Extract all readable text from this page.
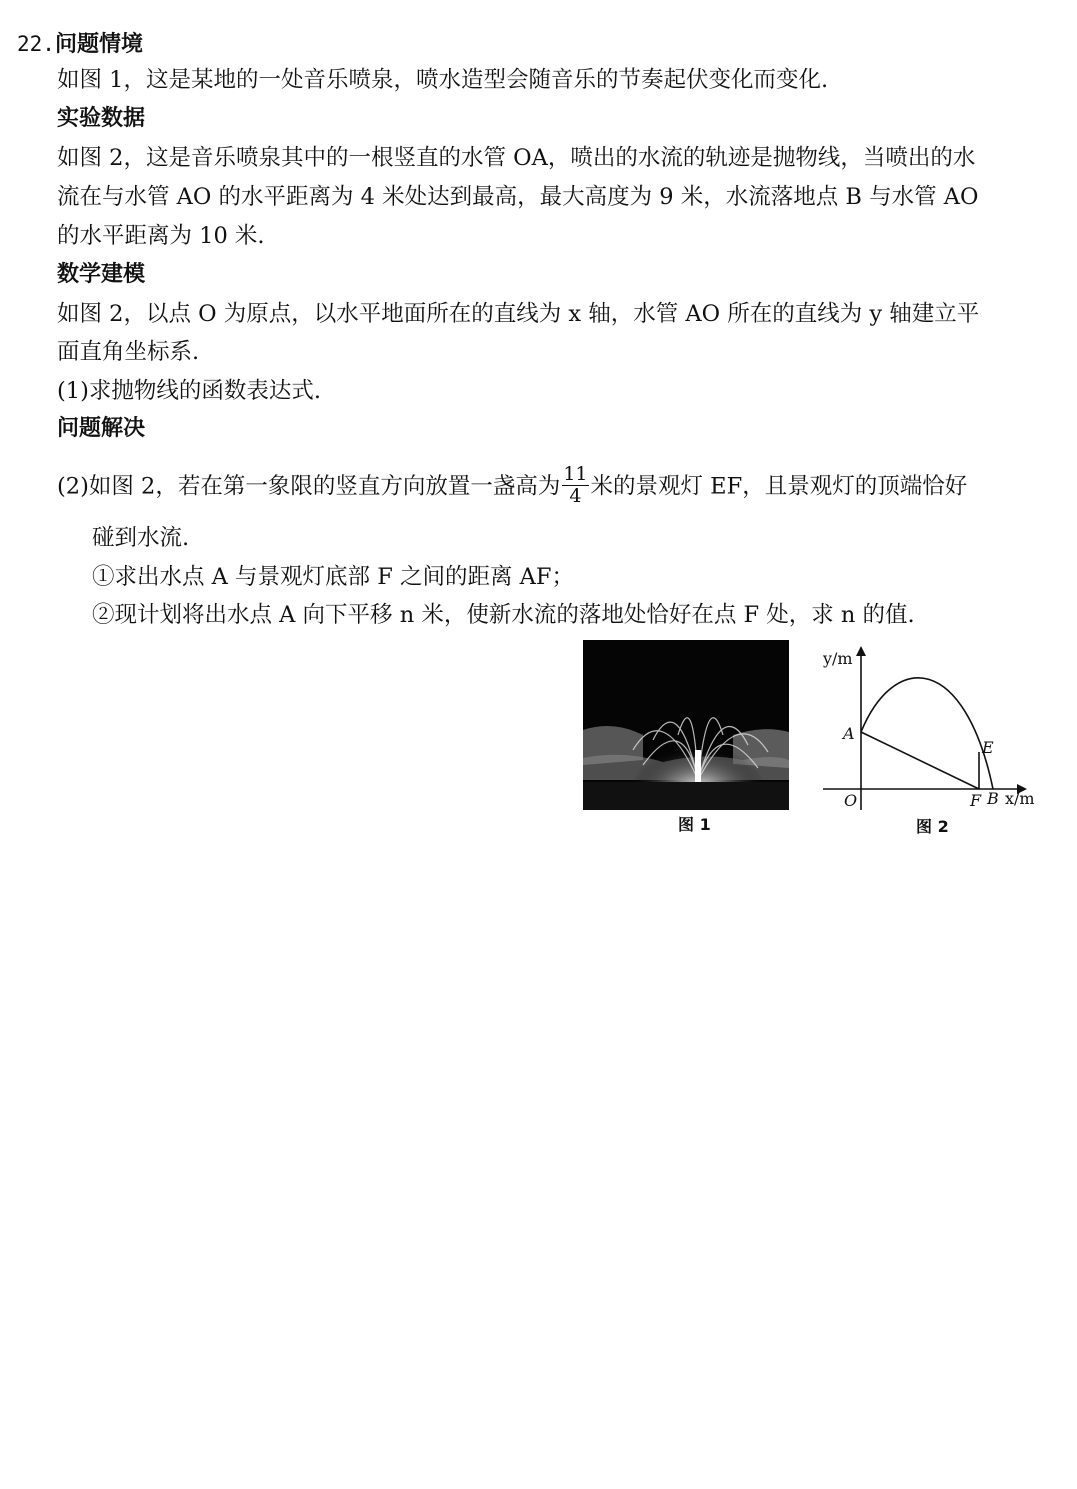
22.问题情境
如图 1，这是某地的一处音乐喷泉，喷水造型会随音乐的节奏起伏变化而变化.
实验数据
如图 2，这是音乐喷泉其中的一根竖直的水管 OA，喷出的水流的轨迹是抛物线，当喷出的水
流在与水管 AO 的水平距离为 4 米处达到最高，最大高度为 9 米，水流落地点 B 与水管 AO
的水平距离为 10 米.
数学建模
如图 2，以点 O 为原点，以水平地面所在的直线为 x 轴，水管 AO 所在的直线为 y 轴建立平
面直角坐标系.
(1)求抛物线的函数表达式.
问题解决
(2)如图 2，若在第一象限的竖直方向放置一盏高为 $\frac{11}{4}$ 米的景观灯 EF，且景观灯的顶端恰好
碰到水流.
①求出水点 A 与景观灯底部 F 之间的距离 AF；
②现计划将出水点 A 向下平移 n 米，使新水流的落地处恰好在点 F 处，求 n 的值.
图 1
y/m
A
E
O	F B x/m
图 2
